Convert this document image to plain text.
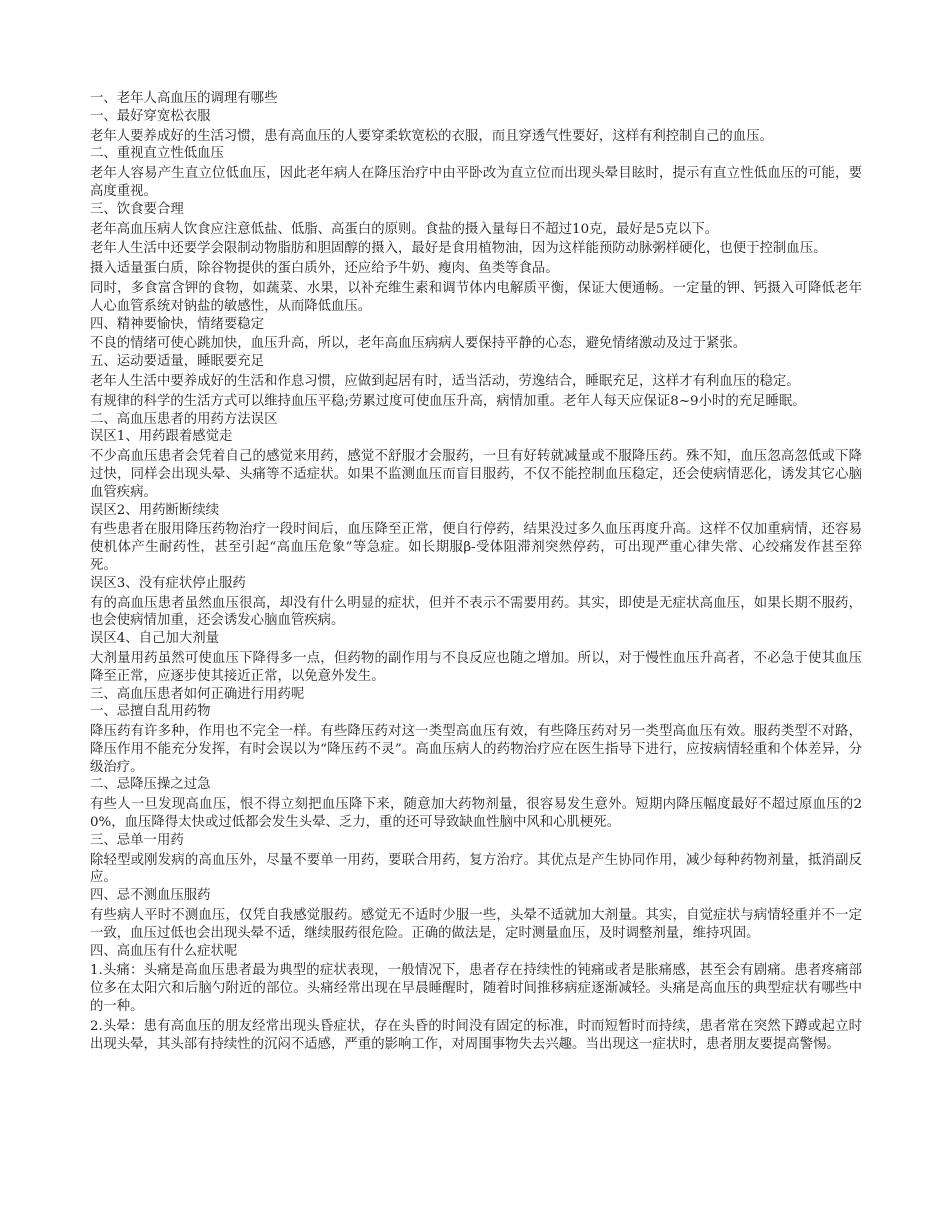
一、老年人高血压的调理有哪些
一、最好穿宽松衣服
老年人要养成好的生活习惯，患有高血压的人要穿柔软宽松的衣服，而且穿透气性要好，这样有利控制自己的血压。
二、重视直立性低血压
老年人容易产生直立位低血压，因此老年病人在降压治疗中由平卧改为直立位而出现头晕目眩时，提示有直立性低血压的可能，要高度重视。
三、饮食要合理
老年高血压病人饮食应注意低盐、低脂、高蛋白的原则。食盐的摄入量每日不超过10克，最好是5克以下。
老年人生活中还要学会限制动物脂肪和胆固醇的摄入，最好是食用植物油，因为这样能预防动脉粥样硬化，也便于控制血压。
摄入适量蛋白质，除谷物提供的蛋白质外，还应给予牛奶、瘦肉、鱼类等食品。
同时，多食富含钾的食物，如蔬菜、水果，以补充维生素和调节体内电解质平衡，保证大便通畅。一定量的钾、钙摄入可降低老年人心血管系统对钠盐的敏感性，从而降低血压。
四、精神要愉快，情绪要稳定
不良的情绪可使心跳加快，血压升高，所以，老年高血压病病人要保持平静的心态，避免情绪激动及过于紧张。
五、运动要适量，睡眠要充足
老年人生活中要养成好的生活和作息习惯，应做到起居有时，适当活动，劳逸结合，睡眠充足，这样才有利血压的稳定。
有规律的科学的生活方式可以维持血压平稳;劳累过度可使血压升高，病情加重。老年人每天应保证8~9小时的充足睡眠。
二、高血压患者的用药方法误区
误区1、用药跟着感觉走
不少高血压患者会凭着自己的感觉来用药，感觉不舒服才会服药，一旦有好转就减量或不服降压药。殊不知，血压忽高忽低或下降过快，同样会出现头晕、头痛等不适症状。如果不监测血压而盲目服药，不仅不能控制血压稳定，还会使病情恶化，诱发其它心脑血管疾病。
误区2、用药断断续续
有些患者在服用降压药物治疗一段时间后，血压降至正常，便自行停药，结果没过多久血压再度升高。这样不仅加重病情，还容易使机体产生耐药性，甚至引起“高血压危象”等急症。如长期服β-受体阻滞剂突然停药，可出现严重心律失常、心绞痛发作甚至猝死。
误区3、没有症状停止服药
有的高血压患者虽然血压很高，却没有什么明显的症状，但并不表示不需要用药。其实，即使是无症状高血压，如果长期不服药，也会使病情加重，还会诱发心脑血管疾病。
误区4、自己加大剂量
大剂量用药虽然可使血压下降得多一点，但药物的副作用与不良反应也随之增加。所以，对于慢性血压升高者，不必急于使其血压降至正常，应逐步使其接近正常，以免意外发生。
三、高血压患者如何正确进行用药呢
一、忌擅自乱用药物
降压药有许多种，作用也不完全一样。有些降压药对这一类型高血压有效，有些降压药对另一类型高血压有效。服药类型不对路，降压作用不能充分发挥，有时会误以为“降压药不灵”。高血压病人的药物治疗应在医生指导下进行，应按病情轻重和个体差异，分级治疗。
二、忌降压操之过急
有些人一旦发现高血压，恨不得立刻把血压降下来，随意加大药物剂量，很容易发生意外。短期内降压幅度最好不超过原血压的20%，血压降得太快或过低都会发生头晕、乏力，重的还可导致缺血性脑中风和心肌梗死。
三、忌单一用药
除轻型或刚发病的高血压外，尽量不要单一用药，要联合用药，复方治疗。其优点是产生协同作用，减少每种药物剂量，抵消副反应。
四、忌不测血压服药
有些病人平时不测血压，仅凭自我感觉服药。感觉无不适时少服一些，头晕不适就加大剂量。其实，自觉症状与病情轻重并不一定一致，血压过低也会出现头晕不适，继续服药很危险。正确的做法是，定时测量血压，及时调整剂量，维持巩固。
四、高血压有什么症状呢
1.头痛：头痛是高血压患者最为典型的症状表现，一般情况下，患者存在持续性的钝痛或者是胀痛感，甚至会有剧痛。患者疼痛部位多在太阳穴和后脑勺附近的部位。头痛经常出现在早晨睡醒时，随着时间推移病症逐渐减轻。头痛是高血压的典型症状有哪些中的一种。
2.头晕：患有高血压的朋友经常出现头昏症状，存在头昏的时间没有固定的标准，时而短暂时而持续，患者常在突然下蹲或起立时出现头晕，其头部有持续性的沉闷不适感，严重的影响工作，对周围事物失去兴趣。当出现这一症状时，患者朋友要提高警惕。
